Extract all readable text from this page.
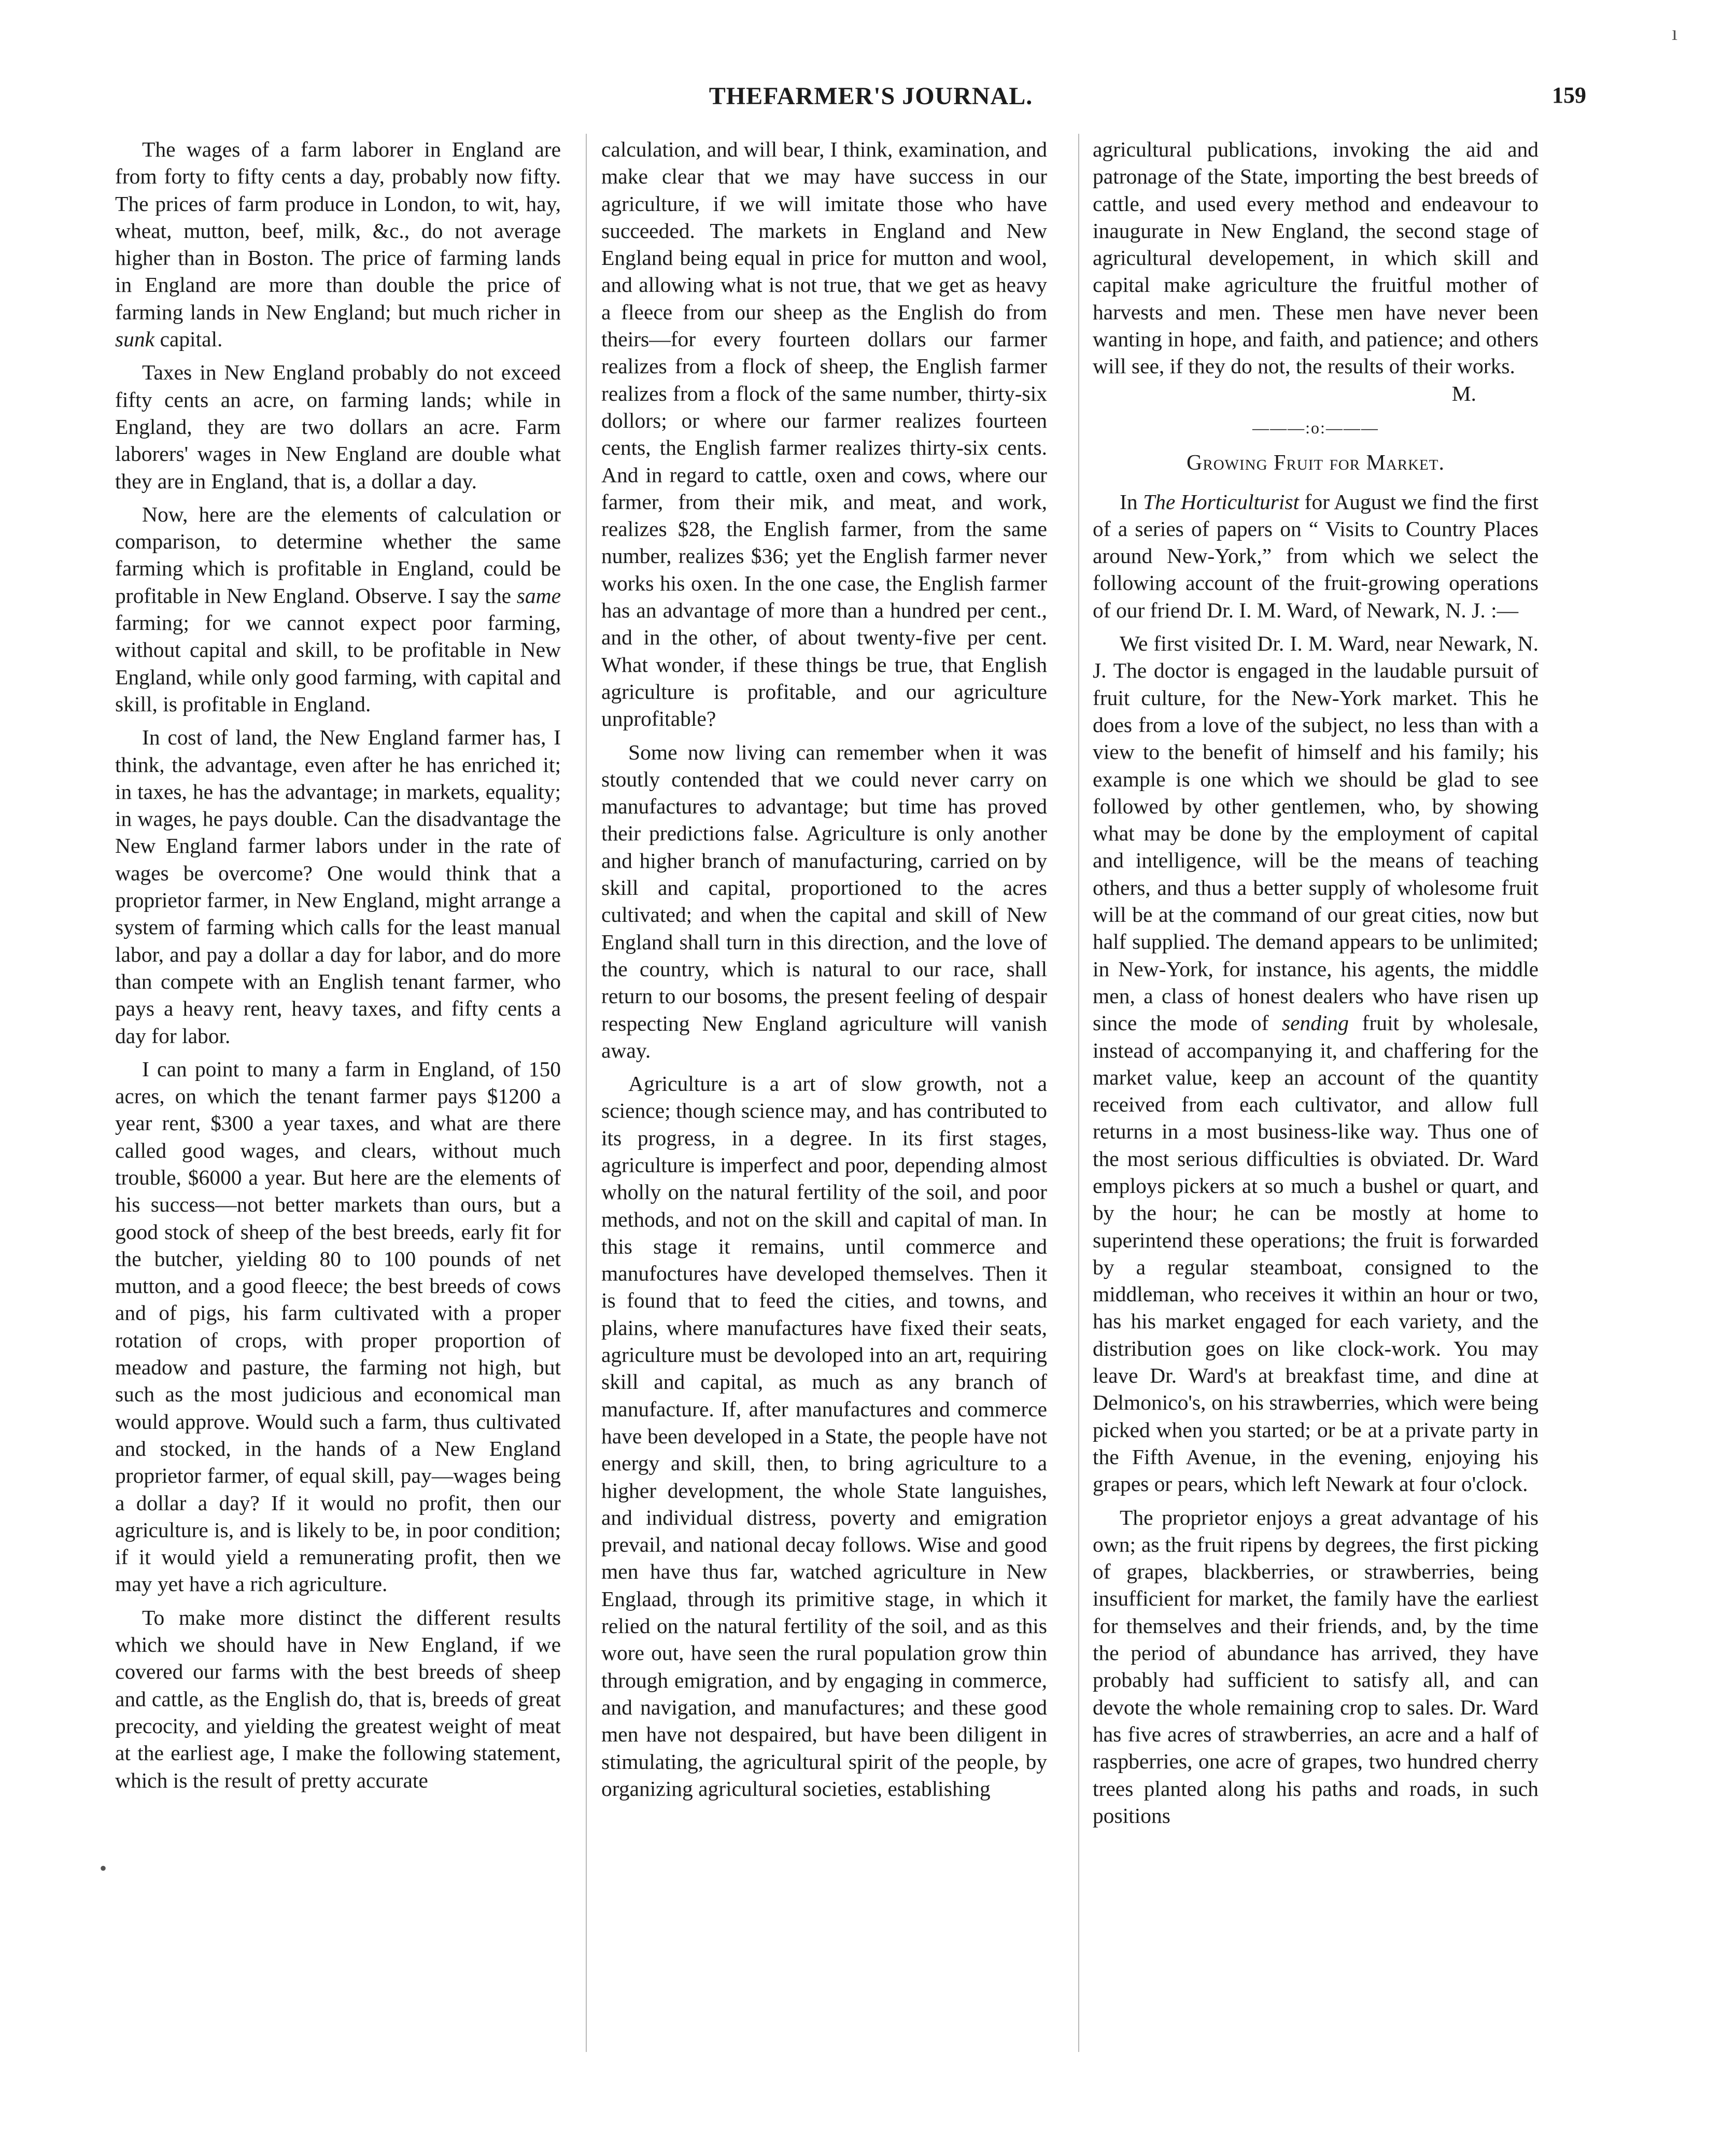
THEFARMER'S JOURNAL.	159

The wages of a farm laborer in England are from forty to fifty cents a day, probably now fifty. The prices of farm produce in London, to wit, hay, wheat, mutton, beef, milk, &c., do not average higher than in Boston. The price of farming lands in England are more than double the price of farming lands in New England; but much richer in sunk capital.

Taxes in New England probably do not exceed fifty cents an acre, on farming lands; while in England, they are two dollars an acre. Farm laborers' wages in New England are double what they are in England, that is, a dollar a day.

Now, here are the elements of calculation or comparison, to determine whether the same farming which is profitable in England, could be profitable in New England. Observe. I say the same farming; for we cannot expect poor farming, without capital and skill, to be profitable in New England, while only good farming, with capital and skill, is profitable in England.

In cost of land, the New England farmer has, I think, the advantage, even after he has enriched it; in taxes, he has the advantage; in markets, equality; in wages, he pays double. Can the disadvantage the New England farmer labors under in the rate of wages be overcome? One would think that a proprietor farmer, in New England, might arrange a system of farming which calls for the least manual labor, and pay a dollar a day for labor, and do more than compete with an English tenant farmer, who pays a heavy rent, heavy taxes, and fifty cents a day for labor.

I can point to many a farm in England, of 150 acres, on which the tenant farmer pays $1200 a year rent, $300 a year taxes, and what are there called good wages, and clears, without much trouble, $6000 a year. But here are the elements of his success—not better markets than ours, but a good stock of sheep of the best breeds, early fit for the butcher, yielding 80 to 100 pounds of net mutton, and a good fleece; the best breeds of cows and of pigs, his farm cultivated with a proper rotation of crops, with proper proportion of meadow and pasture, the farming not high, but such as the most judicious and economical man would approve. Would such a farm, thus cultivated and stocked, in the hands of a New England proprietor farmer, of equal skill, pay—wages being a dollar a day? If it would no profit, then our agriculture is, and is likely to be, in poor condition; if it would yield a remunerating profit, then we may yet have a rich agriculture.

To make more distinct the different results which we should have in New England, if we covered our farms with the best breeds of sheep and cattle, as the English do, that is, breeds of great precocity, and yielding the greatest weight of meat at the earliest age, I make the following statement, which is the result of pretty accurate

calculation, and will bear, I think, examination, and make clear that we may have success in our agriculture, if we will imitate those who have succeeded. The markets in England and New England being equal in price for mutton and wool, and allowing what is not true, that we get as heavy a fleece from our sheep as the English do from theirs—for every fourteen dollars our farmer realizes from a flock of sheep, the English farmer realizes from a flock of the same number, thirty-six dollors; or where our farmer realizes fourteen cents, the English farmer realizes thirty-six cents. And in regard to cattle, oxen and cows, where our farmer, from their mik, and meat, and work, realizes $28, the English farmer, from the same number, realizes $36; yet the English farmer never works his oxen. In the one case, the English farmer has an advantage of more than a hundred per cent., and in the other, of about twenty-five per cent. What wonder, if these things be true, that English agriculture is profitable, and our agriculture unprofitable?

Some now living can remember when it was stoutly contended that we could never carry on manufactures to advantage; but time has proved their predictions false. Agriculture is only another and higher branch of manufacturing, carried on by skill and capital, proportioned to the acres cultivated; and when the capital and skill of New England shall turn in this direction, and the love of the country, which is natural to our race, shall return to our bosoms, the present feeling of despair respecting New England agriculture will vanish away.

Agriculture is a art of slow growth, not a science; though science may, and has contributed to its progress, in a degree. In its first stages, agriculture is imperfect and poor, depending almost wholly on the natural fertility of the soil, and poor methods, and not on the skill and capital of man. In this stage it remains, until commerce and manufoctures have developed themselves. Then it is found that to feed the cities, and towns, and plains, where manufactures have fixed their seats, agriculture must be devoloped into an art, requiring skill and capital, as much as any branch of manufacture. If, after manufactures and commerce have been developed in a State, the people have not energy and skill, then, to bring agriculture to a higher development, the whole State languishes, and individual distress, poverty and emigration prevail, and national decay follows. Wise and good men have thus far, watched agriculture in New Englaad, through its primitive stage, in which it relied on the natural fertility of the soil, and as this wore out, have seen the rural population grow thin through emigration, and by engaging in commerce, and navigation, and manufactures; and these good men have not despaired, but have been diligent in stimulating, the agricultural spirit of the people, by organizing agricultural societies, establishing

agricultural publications, invoking the aid and patronage of the State, importing the best breeds of cattle, and used every method and endeavour to inaugurate in New England, the second stage of agricultural developement, in which skill and capital make agriculture the fruitful mother of harvests and men. These men have never been wanting in hope, and faith, and patience; and others will see, if they do not, the results of their works.
M.

———:o:———
Growing Fruit for Market.

In The Horticulturist for August we find the first of a series of papers on “ Visits to Country Places around New-York,” from which we select the following account of the fruit-growing operations of our friend Dr. I. M. Ward, of Newark, N. J. :—

We first visited Dr. I. M. Ward, near Newark, N. J. The doctor is engaged in the laudable pursuit of fruit culture, for the New-York market. This he does from a love of the subject, no less than with a view to the benefit of himself and his family; his example is one which we should be glad to see followed by other gentlemen, who, by showing what may be done by the employment of capital and intelligence, will be the means of teaching others, and thus a better supply of wholesome fruit will be at the command of our great cities, now but half supplied. The demand appears to be unlimited; in New-York, for instance, his agents, the middle men, a class of honest dealers who have risen up since the mode of sending fruit by wholesale, instead of accompanying it, and chaffering for the market value, keep an account of the quantity received from each cultivator, and allow full returns in a most business-like way. Thus one of the most serious difficulties is obviated. Dr. Ward employs pickers at so much a bushel or quart, and by the hour; he can be mostly at home to superintend these operations; the fruit is forwarded by a regular steamboat, consigned to the middleman, who receives it within an hour or two, has his market engaged for each variety, and the distribution goes on like clock-work. You may leave Dr. Ward's at breakfast time, and dine at Delmonico's, on his strawberries, which were being picked when you started; or be at a private party in the Fifth Avenue, in the evening, enjoying his grapes or pears, which left Newark at four o'clock.

The proprietor enjoys a great advantage of his own; as the fruit ripens by degrees, the first picking of grapes, blackberries, or strawberries, being insufficient for market, the family have the earliest for themselves and their friends, and, by the time the period of abundance has arrived, they have probably had sufficient to satisfy all, and can devote the whole remaining crop to sales. Dr. Ward has five acres of strawberries, an acre and a half of raspberries, one acre of grapes, two hundred cherry trees planted along his paths and roads, in such positions

ı
•
